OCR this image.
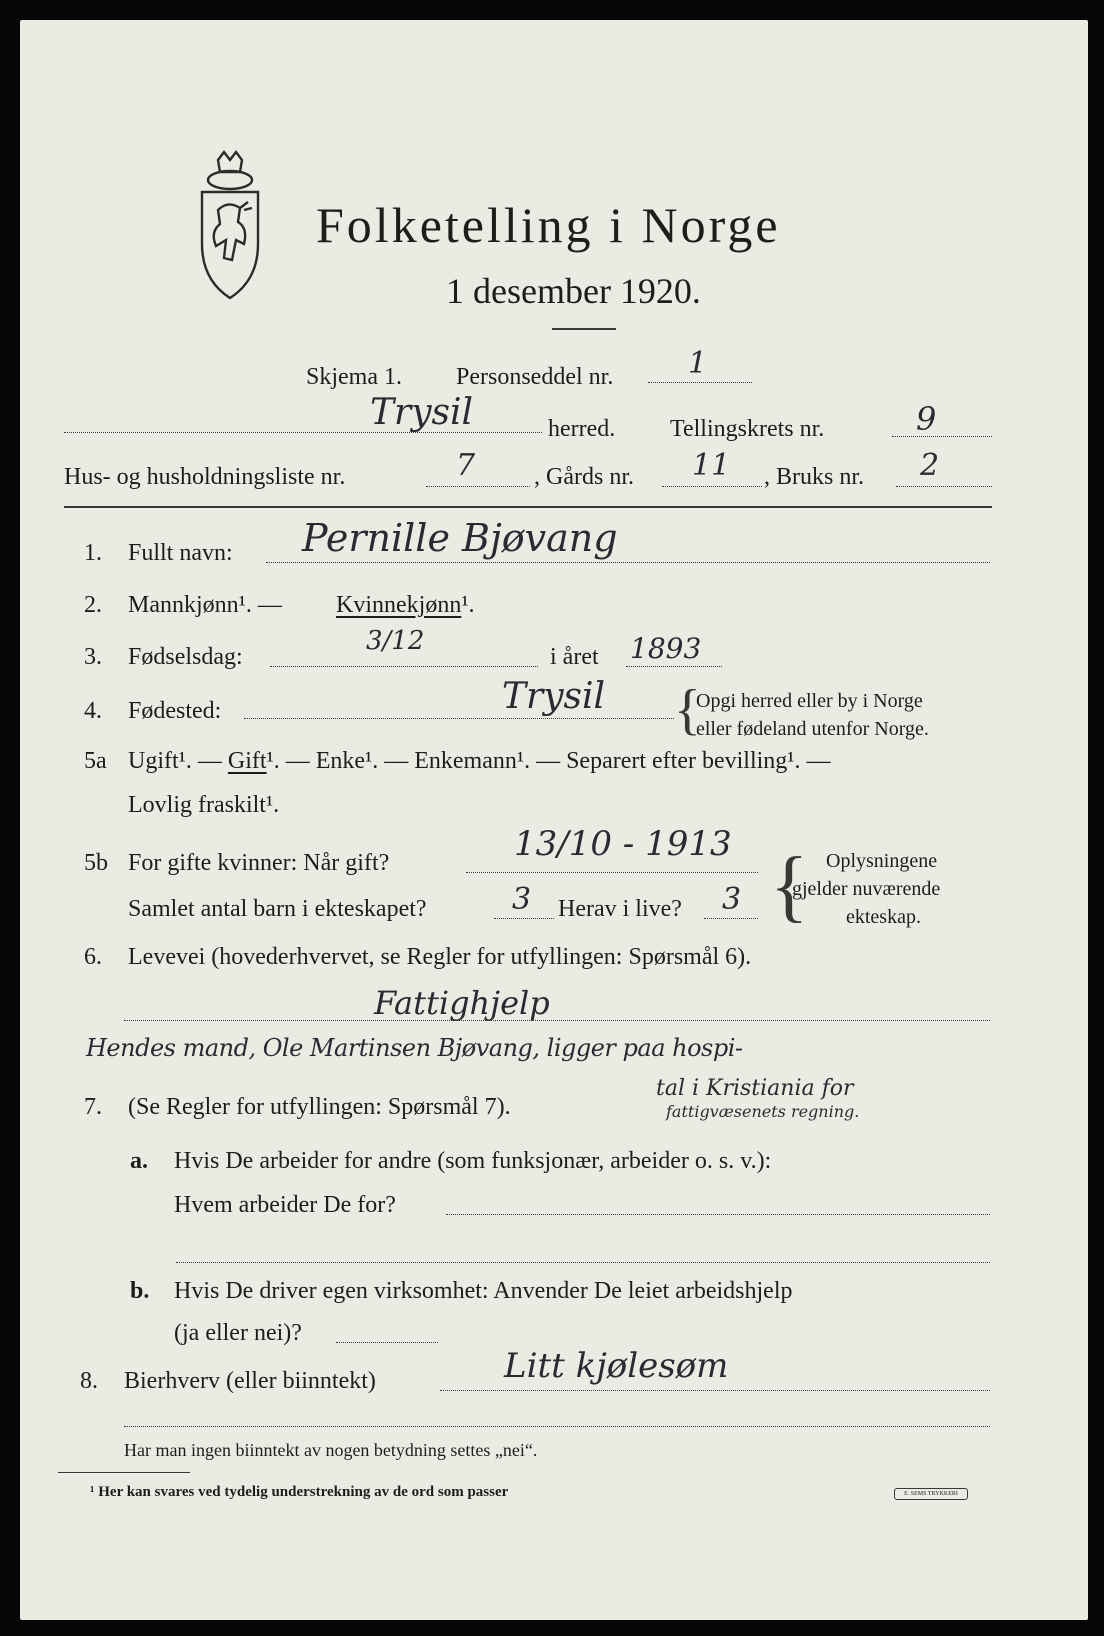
Folketelling i Norge
1 desember 1920.
Skjema 1. Personseddel nr. 1
Trysil	herred. Tellingskrets nr.	9
Hus- og husholdningsliste nr.	7 , Gårds nr. 11 , Bruks nr. 2
1.	Fullt navn: Pernille Bjøvang
2.	Mannkjønn¹. — Kvinnekjønn¹.
3.	Fødselsdag:
3/12
i året 1893
4.	Fødested:	Trysil {
Opgi herred eller by i Norge
eller fødeland utenfor Norge.
5a Ugift¹. — Gift¹. — Enke¹. — Enkemann¹. — Separert efter bevilling¹. —
Lovlig fraskilt¹.
5b For gifte kvinner: Når gift?	13/10 - 1913
Samlet antal barn i ekteskapet?	3 Herav i live? 3 { Oplysningene
gjelder nuværende
ekteskap.
6.	Levevei (hovederhvervet, se Regler for utfyllingen: Spørsmål 6).
Fattighjelp
Hendes mand, Ole Martinsen Bjøvang, ligger paa hospi-
7.	(Se Regler for utfyllingen: Spørsmål 7).
tal i Kristiania for
fattigvæsenets regning.
a.	Hvis De arbeider for andre (som funksjonær, arbeider o. s. v.):
Hvem arbeider De for?
b.	Hvis De driver egen virksomhet: Anvender De leiet arbeidshjelp
(ja eller nei)?
8.	Bierhverv (eller biinntekt)	Litt kjølesøm
Har man ingen biinntekt av nogen betydning settes „nei“.
¹ Her kan svares ved tydelig understrekning av de ord som passer	E. SEMS TRYKKERI
